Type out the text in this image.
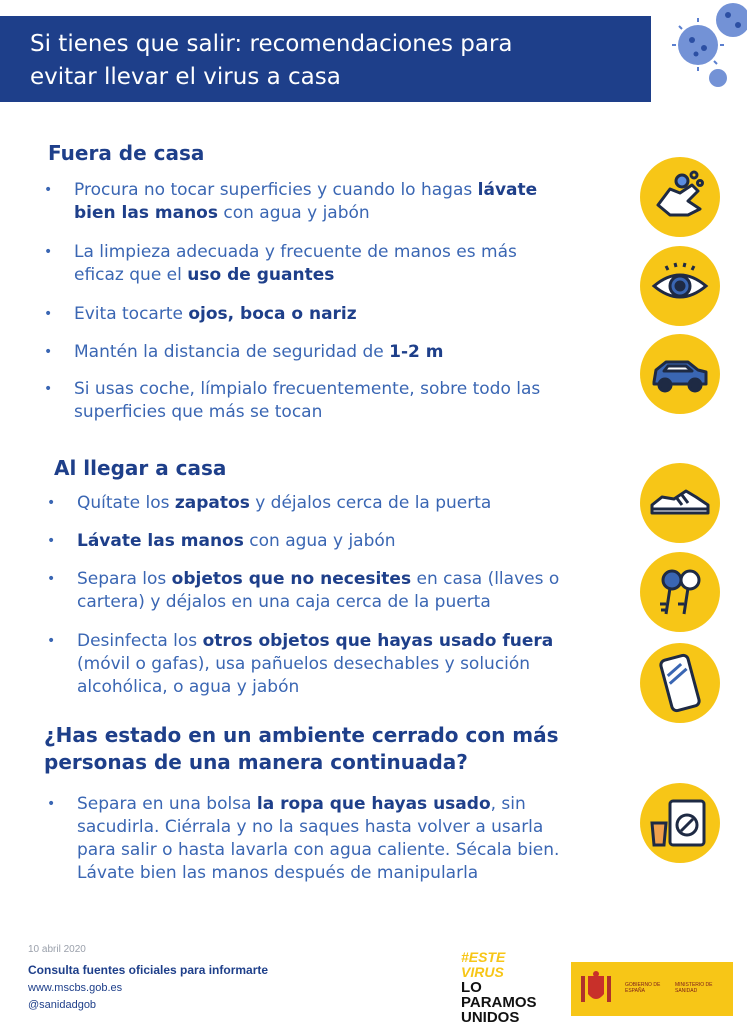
Si tienes que salir: recomendaciones para
evitar llevar el virus a casa
Fuera de casa
• Procura no tocar superficies y cuando lo hagas lávate
bien las manos con agua y jabón
• La limpieza adecuada y frecuente de manos es más
eficaz que el uso de guantes
• Evita tocarte ojos, boca o nariz
• Mantén la distancia de seguridad de 1-2 m
• Si usas coche, límpialo frecuentemente, sobre todo las
superficies que más se tocan
Al llegar a casa
• Quítate los zapatos y déjalos cerca de la puerta
• Lávate las manos con agua y jabón
• Separa los objetos que no necesites en casa (llaves o
cartera) y déjalos en una caja cerca de la puerta
• Desinfecta los otros objetos que hayas usado fuera
(móvil o gafas), usa pañuelos desechables y solución
alcohólica, o agua y jabón
¿Has estado en un ambiente cerrado con más
personas de una manera continuada?
• Separa en una bolsa la ropa que hayas usado, sin
sacudirla. Ciérrala y no la saques hasta volver a usarla
para salir o hasta lavarla con agua caliente. Sécala bien.
Lávate bien las manos después de manipularla
10 abril 2020
Consulta fuentes oficiales para informarte
www.mscbs.gob.es
@sanidadgob
#ESTE
VIRUS
LO
PARAMOS
UNIDOS
GOBIERNO DE ESPAÑA
MINISTERIO DE SANIDAD
